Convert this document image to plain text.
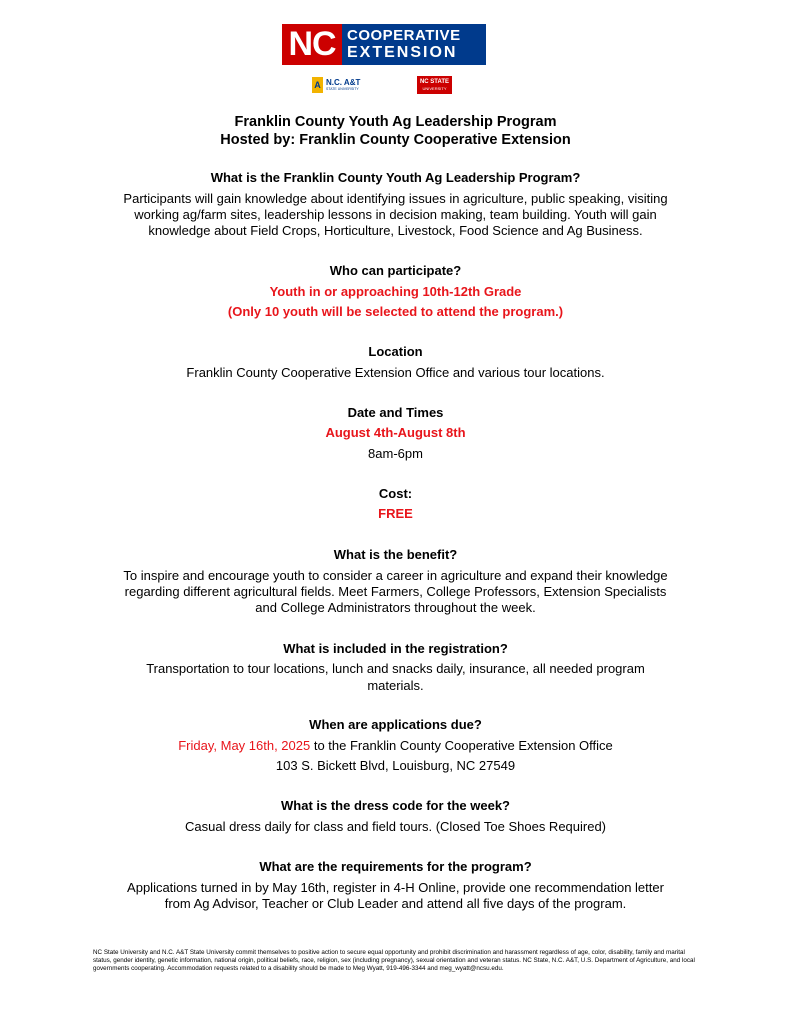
NC COOPERATIVE
EXTENSION
A N.C. A&T
STATE UNIVERSITY
NC STATE
UNIVERSITY

Franklin County Youth Ag Leadership Program

Hosted by: Franklin County Cooperative Extension

What is the Franklin County Youth Ag Leadership Program?

Participants will gain knowledge about identifying issues in agriculture, public speaking, visiting

working ag/farm sites, leadership lessons in decision making, team building. Youth will gain

knowledge about Field Crops, Horticulture, Livestock, Food Science and Ag Business.

Who can participate?

Youth in or approaching 10th-12th Grade

(Only 10 youth will be selected to attend the program.)

Location

Franklin County Cooperative Extension Office and various tour locations.

Date and Times

August 4th-August 8th

8am-6pm

Cost:

FREE

What is the benefit?

To inspire and encourage youth to consider a career in agriculture and expand their knowledge

regarding different agricultural fields. Meet Farmers, College Professors, Extension Specialists

and College Administrators throughout the week.

What is included in the registration?

Transportation to tour locations, lunch and snacks daily, insurance, all needed program

materials.

When are applications due?

Friday, May 16th, 2025 to the Franklin County Cooperative Extension Office

103 S. Bickett Blvd, Louisburg, NC 27549

What is the dress code for the week?

Casual dress daily for class and field tours. (Closed Toe Shoes Required)

What are the requirements for the program?

Applications turned in by May 16th, register in 4-H Online, provide one recommendation letter

from Ag Advisor, Teacher or Club Leader and attend all five days of the program.

NC State University and N.C. A&T State University commit themselves to positive action to secure equal opportunity and prohibit discrimination and harassment regardless of age, color, disability, family and marital status, gender identity, genetic information, national origin, political beliefs, race, religion, sex (including pregnancy), sexual orientation and veteran status. NC State, N.C. A&T, U.S. Department of Agriculture, and local governments cooperating. Accommodation requests related to a disability should be made to Meg Wyatt, 919-496-3344 and meg_wyatt@ncsu.edu.
